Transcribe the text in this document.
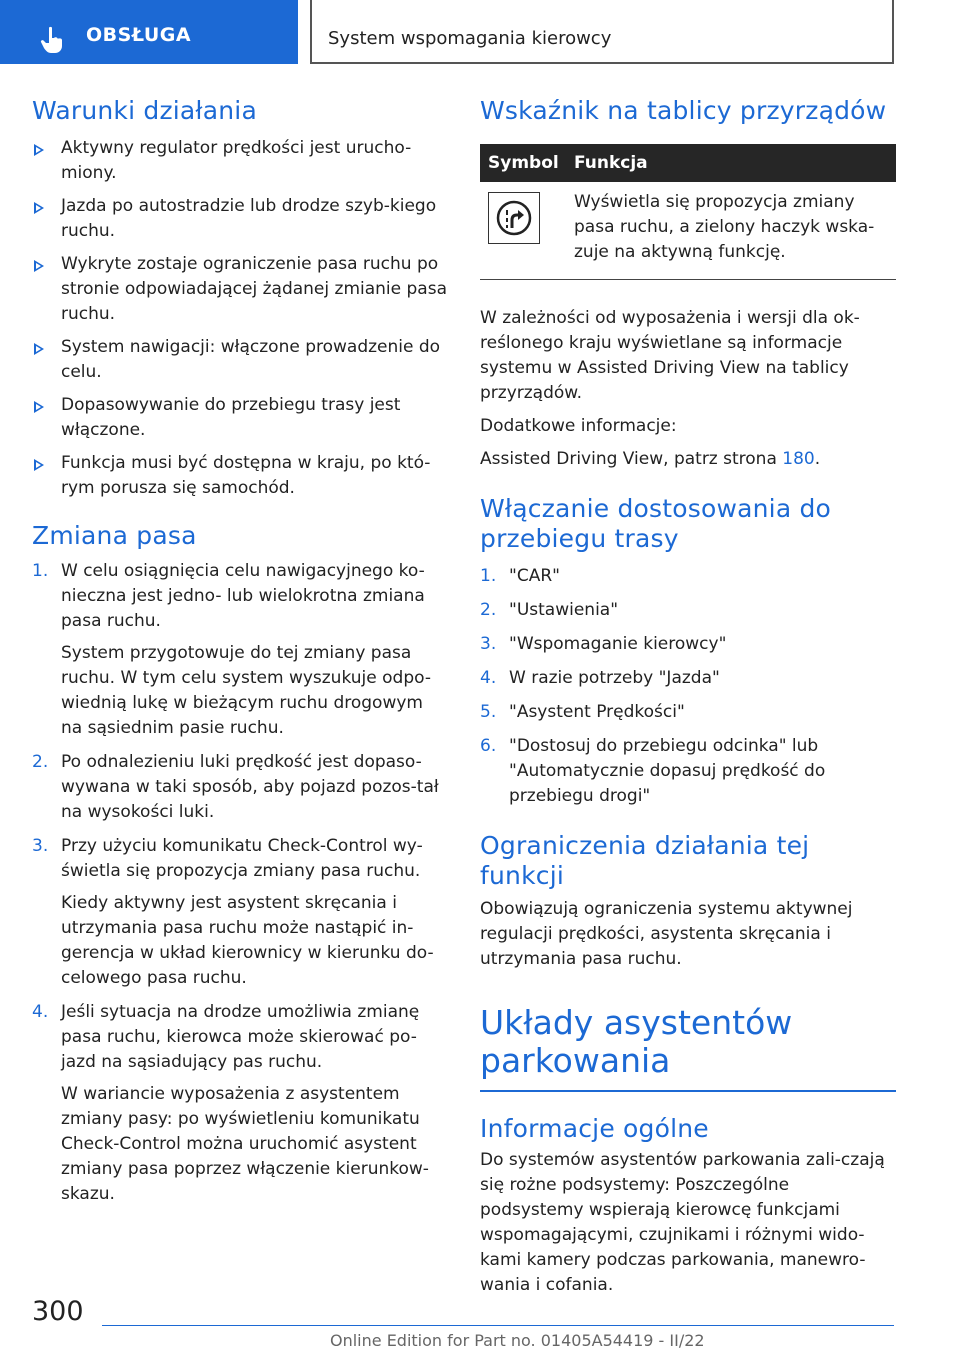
OBSŁUGA	System wspomagania kierowcy
Warunki działania
Aktywny regulator prędkości jest urucho-miony.
Jazda po autostradzie lub drodze szyb-kiego ruchu.
Wykryte zostaje ograniczenie pasa ruchu po stronie odpowiadającej żądanej zmianie pasa ruchu.
System nawigacji: włączone prowadzenie do celu.
Dopasowywanie do przebiegu trasy jest włączone.
Funkcja musi być dostępna w kraju, po któ-rym porusza się samochód.
Zmiana pasa
1. W celu osiągnięcia celu nawigacyjnego ko-nieczna jest jedno- lub wielokrotna zmiana pasa ruchu.
System przygotowuje do tej zmiany pasa ruchu. W tym celu system wyszukuje odpo-wiednią lukę w bieżącym ruchu drogowym na sąsiednim pasie ruchu.
2. Po odnalezieniu luki prędkość jest dopaso-wywana w taki sposób, aby pojazd pozos-tał na wysokości luki.
3. Przy użyciu komunikatu Check-Control wy-świetla się propozycja zmiany pasa ruchu.
Kiedy aktywny jest asystent skręcania i utrzymania pasa ruchu może nastąpić in-gerencja w układ kierownicy w kierunku do-celowego pasa ruchu.
4. Jeśli sytuacja na drodze umożliwia zmianę pasa ruchu, kierowca może skierować po-jazd na sąsiadujący pas ruchu.
W wariancie wyposażenia z asystentem zmiany pasy: po wyświetleniu komunikatu Check-Control można uruchomić asystent zmiany pasa poprzez włączenie kierunkow-skazu.
Wskaźnik na tablicy przyrządów
Symbol	Funkcja

	Wyświetla się propozycja zmiany pasa ruchu, a zielony haczyk wska-zuje na aktywną funkcję.

W zależności od wyposażenia i wersji dla ok-reślonego kraju wyświetlane są informacje systemu w Assisted Driving View na tablicy przyrządów.

Dodatkowe informacje:

Assisted Driving View, patrz strona 180.

Włączanie dostosowania do przebiegu trasy
1. "CAR"
2. "Ustawienia"
3. "Wspomaganie kierowcy"
4. W razie potrzeby "Jazda"
5. "Asystent Prędkości"
6. "Dostosuj do przebiegu odcinka" lub "Automatycznie dopasuj prędkość do przebiegu drogi"
Ograniczenia działania tej funkcji

Obowiązują ograniczenia systemu aktywnej regulacji prędkości, asystenta skręcania i utrzymania pasa ruchu.

Układy asystentów parkowania
Informacje ogólne

Do systemów asystentów parkowania zali-czają się rożne podsystemy: Poszczególne podsystemy wspierają kierowcę funkcjami wspomagającymi, czujnikami i różnymi wido-kami kamery podczas parkowania, manewro-wania i cofania.

300
Online Edition for Part no. 01405A54419 - II/22
